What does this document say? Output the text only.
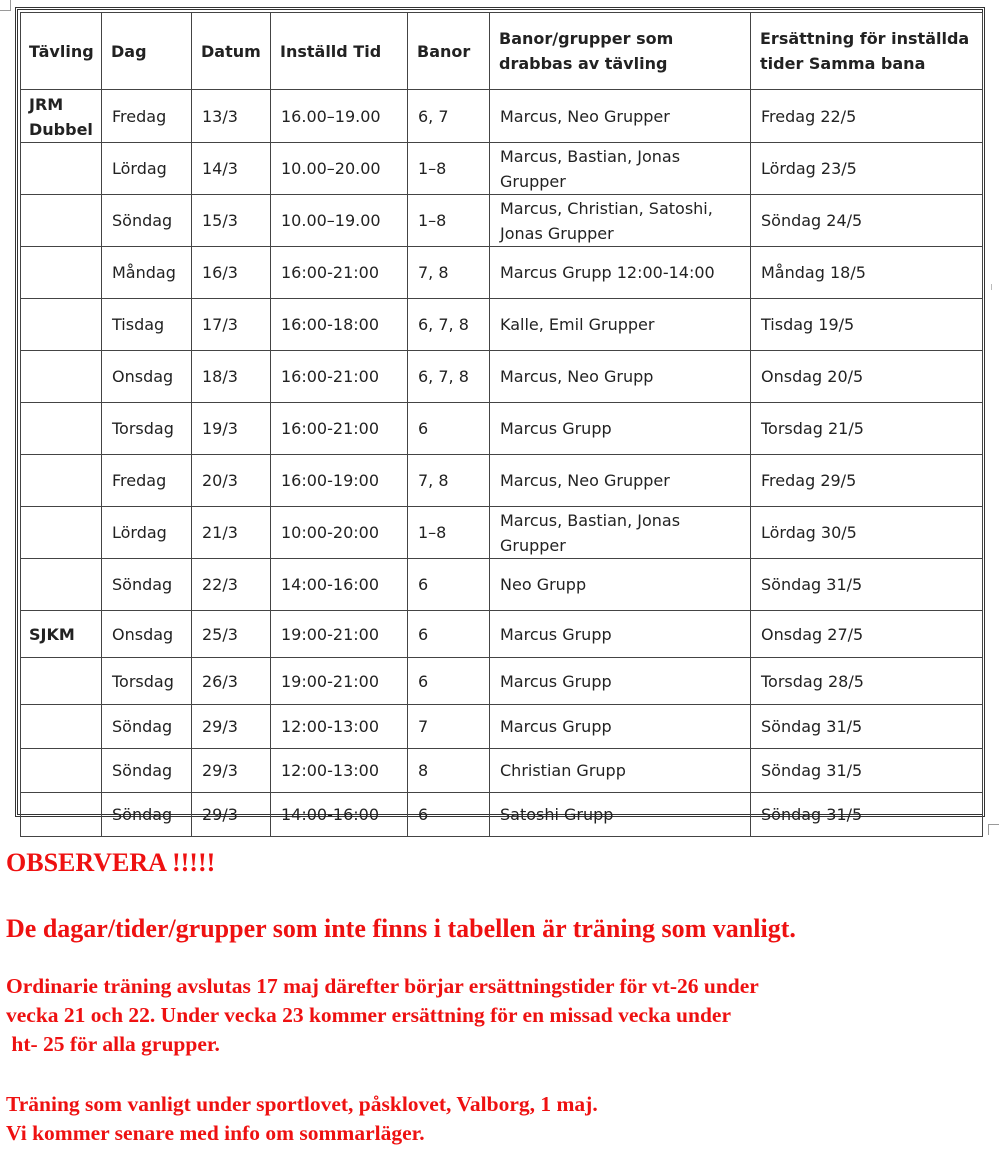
Tävling	Dag	Datum	Inställd Tid	Banor	Banor/grupper som drabbas av tävling	Ersättning för inställda tider Samma bana
JRM Dubbel	Fredag	13/3	16.00–19.00	6, 7	Marcus, Neo Grupper	Fredag 22/5
	Lördag	14/3	10.00–20.00	1–8	Marcus, Bastian, Jonas Grupper	Lördag 23/5
	Söndag	15/3	10.00–19.00	1–8	Marcus, Christian, Satoshi, Jonas Grupper	Söndag 24/5
	Måndag	16/3	16:00-21:00	7, 8	Marcus Grupp 12:00-14:00	Måndag 18/5
	Tisdag	17/3	16:00-18:00	6, 7, 8	Kalle, Emil Grupper	Tisdag 19/5
	Onsdag	18/3	16:00-21:00	6, 7, 8	Marcus, Neo Grupp	Onsdag 20/5
	Torsdag	19/3	16:00-21:00	6	Marcus Grupp	Torsdag 21/5
	Fredag	20/3	16:00-19:00	7, 8	Marcus, Neo Grupper	Fredag 29/5
	Lördag	21/3	10:00-20:00	1–8	Marcus, Bastian, Jonas Grupper	Lördag 30/5
	Söndag	22/3	14:00-16:00	6	Neo Grupp	Söndag 31/5
SJKM	Onsdag	25/3	19:00-21:00	6	Marcus Grupp	Onsdag 27/5
	Torsdag	26/3	19:00-21:00	6	Marcus Grupp	Torsdag 28/5
	Söndag	29/3	12:00-13:00	7	Marcus Grupp	Söndag 31/5
	Söndag	29/3	12:00-13:00	8	Christian Grupp	Söndag 31/5
	Söndag	29/3	14:00-16:00	6	Satoshi Grupp	Söndag 31/5

OBSERVERA !!!!!

De dagar/tider/grupper som inte finns i tabellen är träning som vanligt.

Ordinarie träning avslutas 17 maj därefter börjar ersättningstider för vt-26 under
vecka 21 och 22. Under vecka 23 kommer ersättning för en missad vecka under
ht- 25 för alla grupper.

Träning som vanligt under sportlovet, påsklovet, Valborg, 1 maj.
Vi kommer senare med info om sommarläger.
